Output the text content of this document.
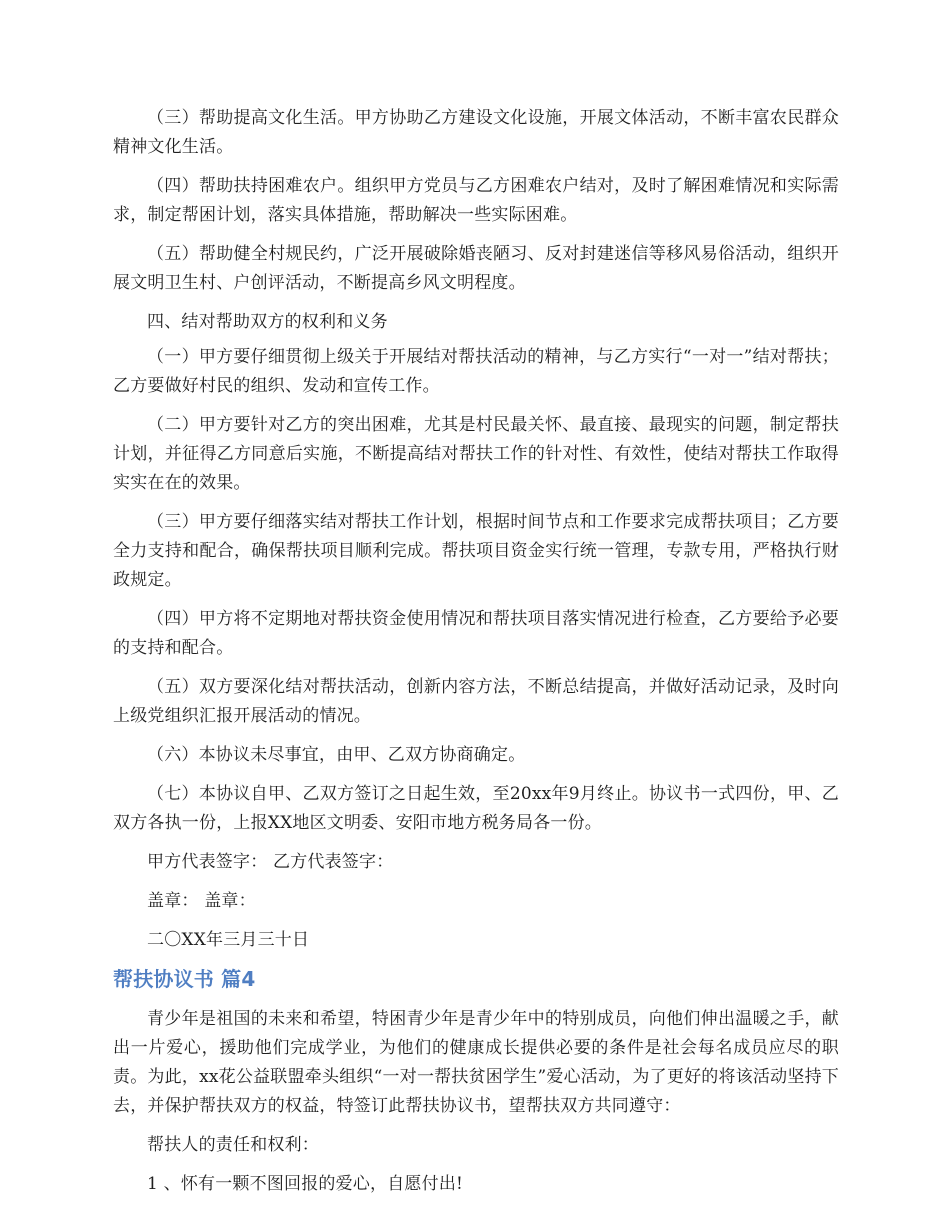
（三）帮助提高文化生活。甲方协助乙方建设文化设施，开展文体活动，不断丰富农民群众精神文化生活。

（四）帮助扶持困难农户。组织甲方党员与乙方困难农户结对，及时了解困难情况和实际需求，制定帮困计划，落实具体措施，帮助解决一些实际困难。

（五）帮助健全村规民约，广泛开展破除婚丧陋习、反对封建迷信等移风易俗活动，组织开展文明卫生村、户创评活动，不断提高乡风文明程度。

四、结对帮助双方的权利和义务

（一）甲方要仔细贯彻上级关于开展结对帮扶活动的精神，与乙方实行“一对一”结对帮扶；乙方要做好村民的组织、发动和宣传工作。

（二）甲方要针对乙方的突出困难，尤其是村民最关怀、最直接、最现实的问题，制定帮扶计划，并征得乙方同意后实施，不断提高结对帮扶工作的针对性、有效性，使结对帮扶工作取得实实在在的效果。

（三）甲方要仔细落实结对帮扶工作计划，根据时间节点和工作要求完成帮扶项目；乙方要全力支持和配合，确保帮扶项目顺利完成。帮扶项目资金实行统一管理，专款专用，严格执行财政规定。

（四）甲方将不定期地对帮扶资金使用情况和帮扶项目落实情况进行检查，乙方要给予必要的支持和配合。

（五）双方要深化结对帮扶活动，创新内容方法，不断总结提高，并做好活动记录，及时向上级党组织汇报开展活动的情况。

（六）本协议未尽事宜，由甲、乙双方协商确定。

（七）本协议自甲、乙双方签订之日起生效，至20xx年9月终止。协议书一式四份，甲、乙双方各执一份，上报XX地区文明委、安阳市地方税务局各一份。

甲方代表签字： 乙方代表签字：

盖章： 盖章：

二〇XX年三月三十日

帮扶协议书 篇4

青少年是祖国的未来和希望，特困青少年是青少年中的特别成员，向他们伸出温暖之手，献出一片爱心，援助他们完成学业，为他们的健康成长提供必要的条件是社会每名成员应尽的职责。为此，xx花公益联盟牵头组织“一对一帮扶贫困学生”爱心活动，为了更好的将该活动坚持下去，并保护帮扶双方的权益，特签订此帮扶协议书，望帮扶双方共同遵守：

帮扶人的责任和权利：

1 、怀有一颗不图回报的爱心，自愿付出!
